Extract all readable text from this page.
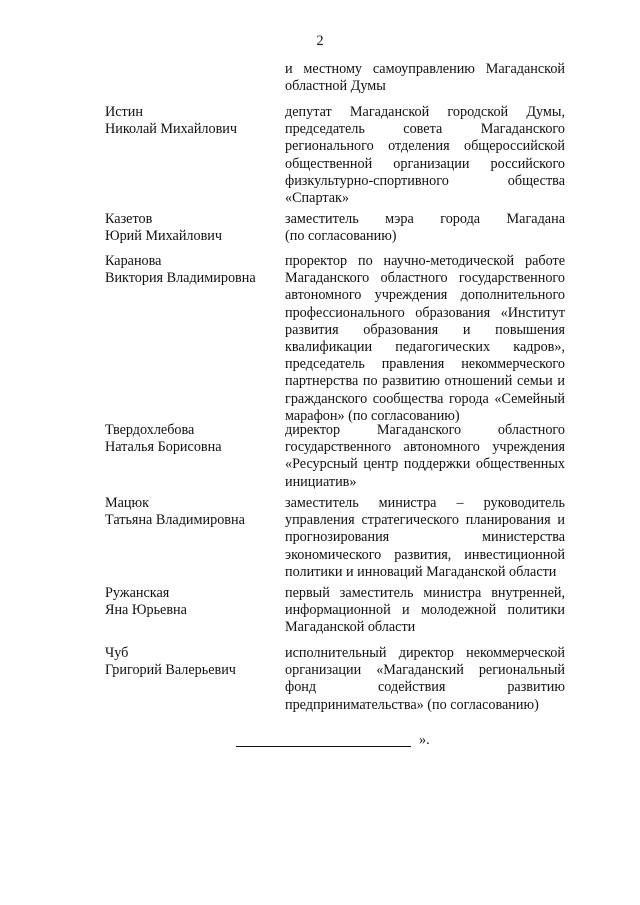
2
и местному самоуправлению Магаданской
областной Думы
Истин
Николай Михайлович
депутат Магаданской городской Думы,
председатель совета Магаданского
регионального отделения общероссийской
общественной организации российского
физкультурно-спортивного общества
«Спартак»
Казетов
Юрий Михайлович
заместитель мэра города Магадана
(по согласованию)
Каранова
Виктория Владимировна
проректор по научно-методической работе
Магаданского областного государственного
автономного учреждения дополнительного
профессионального образования «Институт
развития образования и повышения
квалификации педагогических кадров»,
председатель правления некоммерческого
партнерства по развитию отношений семьи и
гражданского сообщества города «Семейный
марафон» (по согласованию)
Твердохлебова
Наталья Борисовна
директор Магаданского областного
государственного автономного учреждения
«Ресурсный центр поддержки общественных
инициатив»
Мацюк
Татьяна Владимировна
заместитель министра – руководитель
управления стратегического планирования и
прогнозирования министерства
экономического развития, инвестиционной
политики и инноваций Магаданской области
Ружанская
Яна Юрьевна
первый заместитель министра внутренней,
информационной и молодежной политики
Магаданской области
Чуб
Григорий Валерьевич
исполнительный директор некоммерческой
организации «Магаданский региональный
фонд содействия развитию
предпринимательства» (по согласованию)
».
